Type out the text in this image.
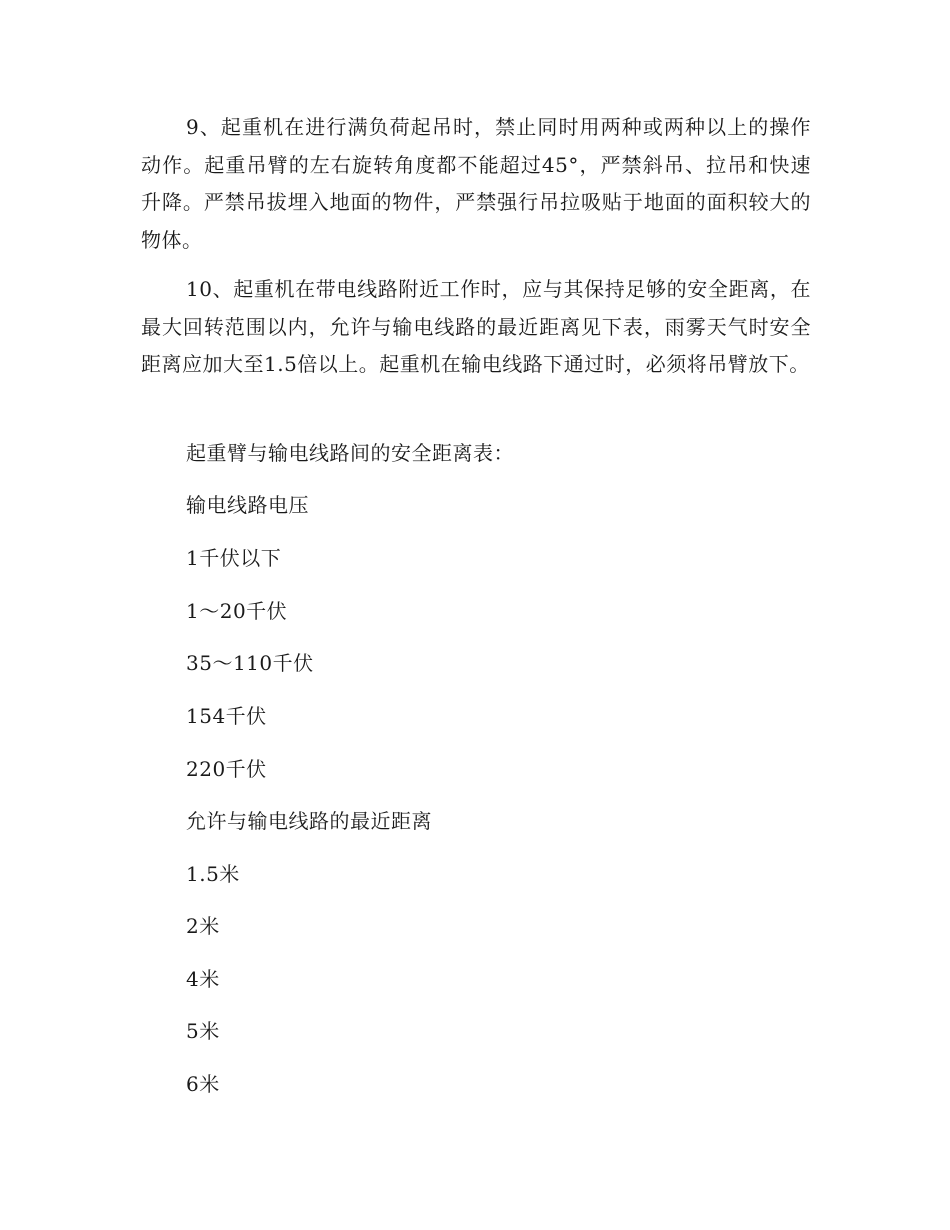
9、起重机在进行满负荷起吊时，禁止同时用两种或两种以上的操作动作。起重吊臂的左右旋转角度都不能超过45°，严禁斜吊、拉吊和快速升降。严禁吊拔埋入地面的物件，严禁强行吊拉吸贴于地面的面积较大的物体。

10、起重机在带电线路附近工作时，应与其保持足够的安全距离，在最大回转范围以内，允许与输电线路的最近距离见下表，雨雾天气时安全距离应加大至1.5倍以上。起重机在输电线路下通过时，必须将吊臂放下。

起重臂与输电线路间的安全距离表：

输电线路电压

1千伏以下

1～20千伏

35～110千伏

154千伏

220千伏

允许与输电线路的最近距离

1.5米

2米

4米

5米

6米
